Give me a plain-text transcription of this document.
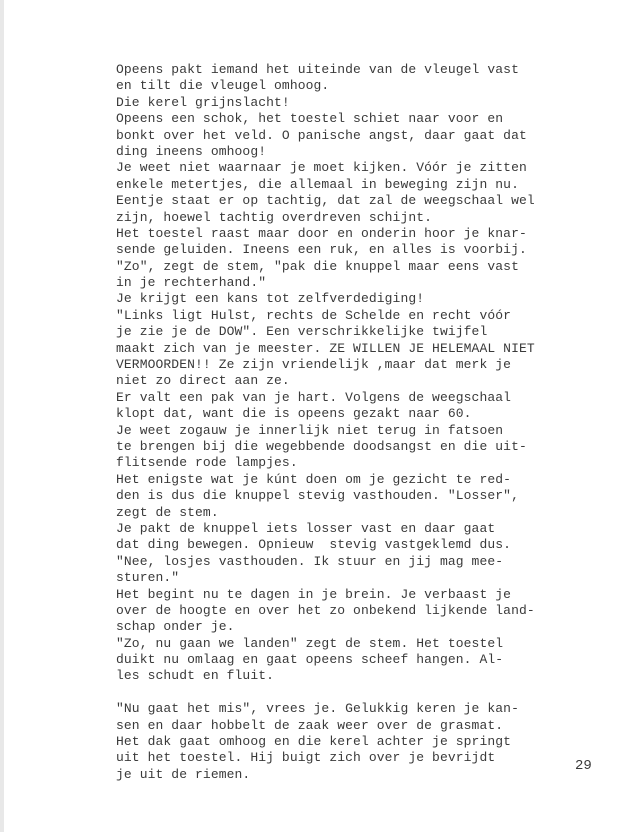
Opeens pakt iemand het uiteinde van de vleugel vast
en tilt die vleugel omhoog.
Die kerel grijnslacht!
Opeens een schok, het toestel schiet naar voor en
bonkt over het veld. O panische angst, daar gaat dat
ding ineens omhoog!
Je weet niet waarnaar je moet kijken. Vóór je zitten
enkele metertjes, die allemaal in beweging zijn nu.
Eentje staat er op tachtig, dat zal de weegschaal wel
zijn, hoewel tachtig overdreven schijnt.
Het toestel raast maar door en onderin hoor je knar-
sende geluiden. Ineens een ruk, en alles is voorbij.
"Zo", zegt de stem, "pak die knuppel maar eens vast
in je rechterhand."
Je krijgt een kans tot zelfverdediging!
"Links ligt Hulst, rechts de Schelde en recht vóór
je zie je de DOW". Een verschrikkelijke twijfel
maakt zich van je meester. ZE WILLEN JE HELEMAAL NIET
VERMOORDEN!! Ze zijn vriendelijk ,maar dat merk je
niet zo direct aan ze.
Er valt een pak van je hart. Volgens de weegschaal
klopt dat, want die is opeens gezakt naar 60.
Je weet zogauw je innerlijk niet terug in fatsoen
te brengen bij die wegebbende doodsangst en die uit-
flitsende rode lampjes.
Het enigste wat je kúnt doen om je gezicht te red-
den is dus die knuppel stevig vasthouden. "Losser",
zegt de stem.
Je pakt de knuppel iets losser vast en daar gaat
dat ding bewegen. Opnieuw  stevig vastgeklemd dus.
"Nee, losjes vasthouden. Ik stuur en jij mag mee-
sturen."
Het begint nu te dagen in je brein. Je verbaast je
over de hoogte en over het zo onbekend lijkende land-
schap onder je.
"Zo, nu gaan we landen" zegt de stem. Het toestel
duikt nu omlaag en gaat opeens scheef hangen. Al-
les schudt en fluit.
"Nu gaat het mis", vrees je. Gelukkig keren je kan-
sen en daar hobbelt de zaak weer over de grasmat.
Het dak gaat omhoog en die kerel achter je springt
uit het toestel. Hij buigt zich over je bevrijdt
je uit de riemen.
29
